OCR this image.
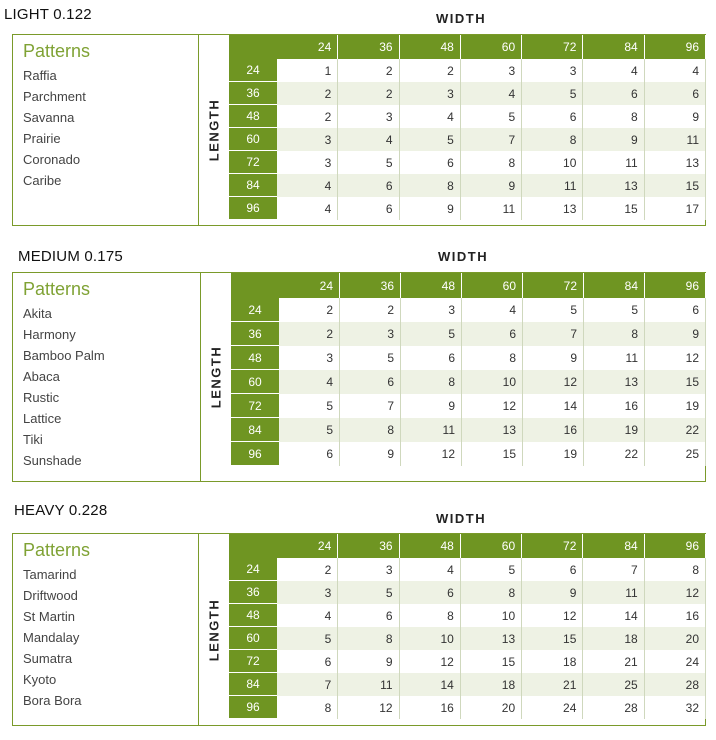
LIGHT 0.122	WIDTH
Patterns
Raffia
Parchment
Savanna
Prairie
Coronado
Caribe
LENGTH
	24	36	48	60	72	84	96
24	1	2	2	3	3	4	4
36	2	2	3	4	5	6	6
48	2	3	4	5	6	8	9
60	3	4	5	7	8	9	11
72	3	5	6	8	10	11	13
84	4	6	8	9	11	13	15
96	4	6	9	11	13	15	17
MEDIUM 0.175	WIDTH
Patterns
Akita
Harmony
Bamboo Palm
Abaca
Rustic
Lattice
Tiki
Sunshade
LENGTH
	24	36	48	60	72	84	96
24	2	2	3	4	5	5	6
36	2	3	5	6	7	8	9
48	3	5	6	8	9	11	12
60	4	6	8	10	12	13	15
72	5	7	9	12	14	16	19
84	5	8	11	13	16	19	22
96	6	9	12	15	19	22	25
HEAVY 0.228	WIDTH
Patterns
Tamarind
Driftwood
St Martin
Mandalay
Sumatra
Kyoto
Bora Bora
LENGTH
	24	36	48	60	72	84	96
24	2	3	4	5	6	7	8
36	3	5	6	8	9	11	12
48	4	6	8	10	12	14	16
60	5	8	10	13	15	18	20
72	6	9	12	15	18	21	24
84	7	11	14	18	21	25	28
96	8	12	16	20	24	28	32
